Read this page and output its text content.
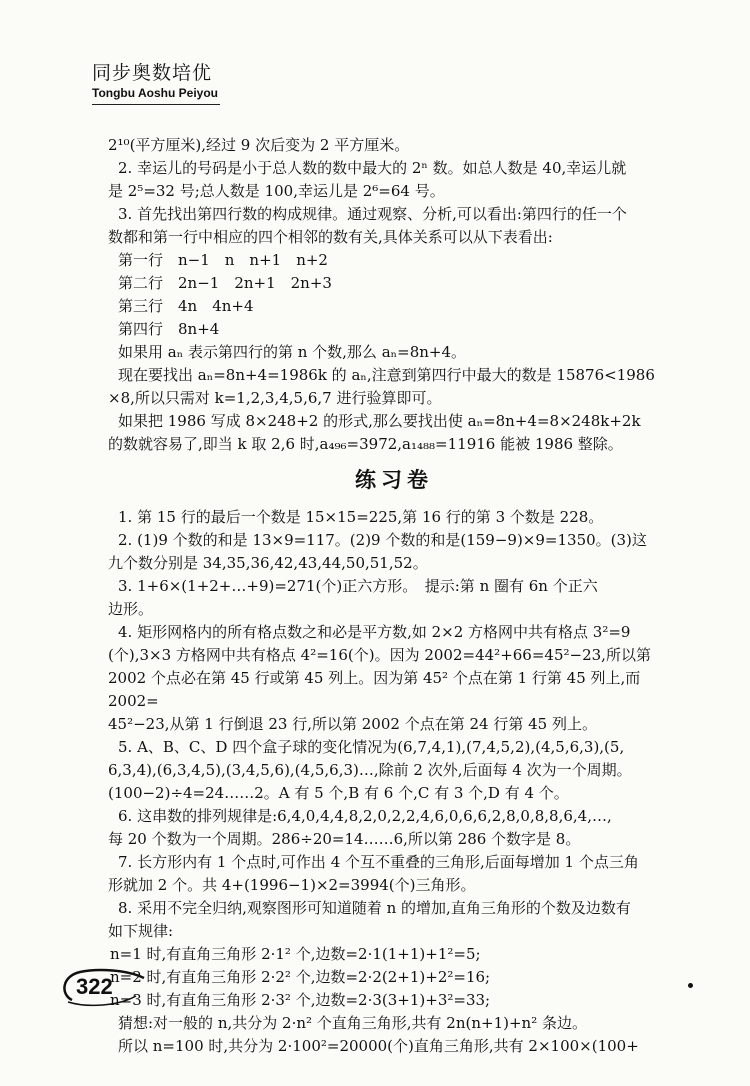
同步奥数培优
Tongbu Aoshu Peiyou

2¹⁰(平方厘米),经过 9 次后变为 2 平方厘米。

2. 幸运儿的号码是小于总人数的数中最大的 2ⁿ 数。如总人数是 40,幸运儿就

是 2⁵=32 号;总人数是 100,幸运儿是 2⁶=64 号。

3. 首先找出第四行数的构成规律。通过观察、分析,可以看出:第四行的任一个

数都和第一行中相应的四个相邻的数有关,具体关系可以从下表看出:

第一行　n−1　n　n+1　n+2

第二行　2n−1　2n+1　2n+3

第三行　4n　4n+4

第四行　8n+4

如果用 aₙ 表示第四行的第 n 个数,那么 aₙ=8n+4。

现在要找出 aₙ=8n+4=1986k 的 aₙ,注意到第四行中最大的数是 15876<1986

×8,所以只需对 k=1,2,3,4,5,6,7 进行验算即可。

如果把 1986 写成 8×248+2 的形式,那么要找出使 aₙ=8n+4=8×248k+2k

的数就容易了,即当 k 取 2,6 时,a₄₉₆=3972,a₁₄₈₈=11916 能被 1986 整除。

练习卷

1. 第 15 行的最后一个数是 15×15=225,第 16 行的第 3 个数是 228。

2. (1)9 个数的和是 13×9=117。(2)9 个数的和是(159−9)×9=1350。(3)这

九个数分别是 34,35,36,42,43,44,50,51,52。

3. 1+6×(1+2+…+9)=271(个)正六方形。　提示:第 n 圈有 6n 个正六

边形。

4. 矩形网格内的所有格点数之和必是平方数,如 2×2 方格网中共有格点 3²=9

(个),3×3 方格网中共有格点 4²=16(个)。因为 2002=44²+66=45²−23,所以第

2002 个点必在第 45 行或第 45 列上。因为第 45² 个点在第 1 行第 45 列上,而 2002=

45²−23,从第 1 行倒退 23 行,所以第 2002 个点在第 24 行第 45 列上。

5. A、B、C、D 四个盒子球的变化情况为(6,7,4,1),(7,4,5,2),(4,5,6,3),(5,

6,3,4),(6,3,4,5),(3,4,5,6),(4,5,6,3)…,除前 2 次外,后面每 4 次为一个周期。

(100−2)÷4=24……2。A 有 5 个,B 有 6 个,C 有 3 个,D 有 4 个。

6. 这串数的排列规律是:6,4,0,4,4,8,2,0,2,2,4,6,0,6,6,2,8,0,8,8,6,4,…,

每 20 个数为一个周期。286÷20=14……6,所以第 286 个数字是 8。

7. 长方形内有 1 个点时,可作出 4 个互不重叠的三角形,后面每增加 1 个点三角

形就加 2 个。共 4+(1996−1)×2=3994(个)三角形。

8. 采用不完全归纳,观察图形可知道随着 n 的增加,直角三角形的个数及边数有

如下规律:

n=1 时,有直角三角形 2·1² 个,边数=2·1(1+1)+1²=5;

n=2 时,有直角三角形 2·2² 个,边数=2·2(2+1)+2²=16;

n=3 时,有直角三角形 2·3² 个,边数=2·3(3+1)+3²=33;

猜想:对一般的 n,共分为 2·n² 个直角三角形,共有 2n(n+1)+n² 条边。

所以 n=100 时,共分为 2·100²=20000(个)直角三角形,共有 2×100×(100+

322
